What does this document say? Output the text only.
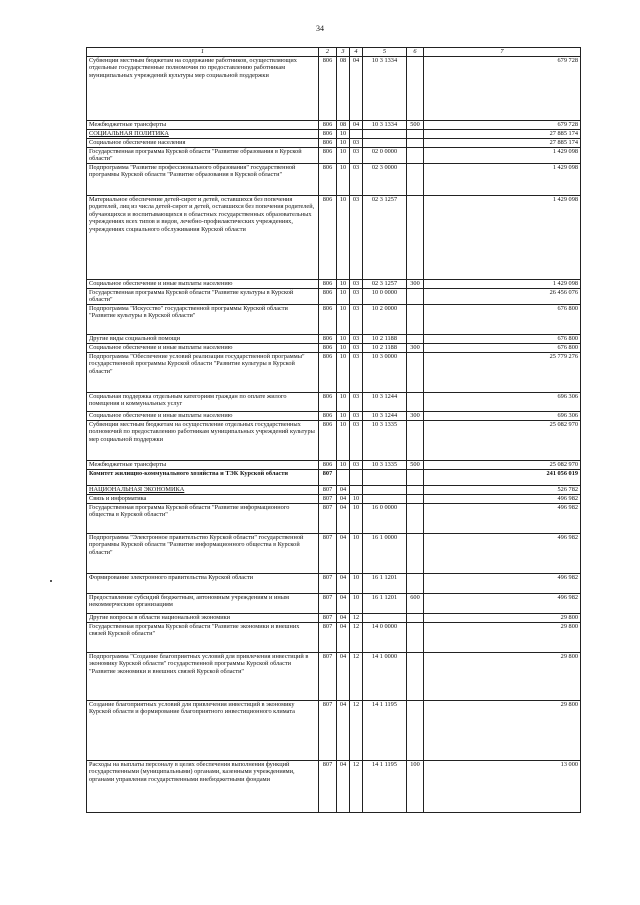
34
1	2	3	4	5	6	7
Субвенции местным бюджетам на содержание работников, осуществляющих отдельные государственные полномочия по предоставлению работникам муниципальных учреждений культуры мер социальной поддержки	806	08	04	10 3 1334		679 728
Межбюджетные трансферты	806	08	04	10 3 1334	500	679 728
СОЦИАЛЬНАЯ ПОЛИТИКА	806	10				27 885 174
Социальное обеспечение населения	806	10	03			27 885 174
Государственная программа Курской области "Развитие образования в Курской области"	806	10	03	02 0 0000		1 429 098
Подпрограмма "Развитие профессионального образования" государственной программы Курской области "Развитие образования в Курской области"	806	10	03	02 3 0000		1 429 098
Материальное обеспечение детей-сирот и детей, оставшихся без попечения родителей, лиц из числа детей-сирот и детей, оставшихся без попечения родителей, обучающихся и воспитывающихся в областных государственных образовательных учреждениях всех типов и видов, лечебно-профилактических учреждениях, учреждениях социального обслуживания Курской области	806	10	03	02 3 1257		1 429 098
Социальное обеспечение и иные выплаты населению	806	10	03	02 3 1257	300	1 429 098
Государственная программа Курской области "Развитие культуры в Курской области"	806	10	03	10 0 0000		26 456 076
Подпрограмма "Искусство" государственной программы Курской области "Развитие культуры в Курской области"	806	10	03	10 2 0000		676 800
Другие виды социальной помощи	806	10	03	10 2 1188		676 800
Социальное обеспечение и иные выплаты населению	806	10	03	10 2 1188	300	676 800
Подпрограмма "Обеспечение условий реализации государственной программы" государственной программы Курской области "Развитие культуры в Курской области"	806	10	03	10 3 0000		25 779 276
Социальная поддержка отдельным категориям граждан по оплате жилого помещения и коммунальных услуг	806	10	03	10 3 1244		696 306
Социальное обеспечение и иные выплаты населению	806	10	03	10 3 1244	300	696 306
Субвенции местным бюджетам на осуществление отдельных государственных полномочий по предоставлению работникам муниципальных учреждений культуры мер социальной поддержки	806	10	03	10 3 1335		25 082 970
Межбюджетные трансферты	806	10	03	10 3 1335	500	25 082 970
Комитет жилищно-коммунального хозяйства и ТЭК Курской области	807					241 056 019
НАЦИОНАЛЬНАЯ ЭКОНОМИКА	807	04				526 782
Связь и информатика	807	04	10			496 982
Государственная программа Курской области "Развитие информационного общества в Курской области"	807	04	10	16 0 0000		496 982
Подпрограмма "Электронное правительство Курской области" государственной программы Курской области "Развитие информационного общества в Курской области"	807	04	10	16 1 0000		496 982
Формирование электронного правительства Курской области	807	04	10	16 1 1201		496 982
Предоставление субсидий бюджетным, автономным учреждениям и иным некоммерческим организациям	807	04	10	16 1 1201	600	496 982
Другие вопросы в области национальной экономики	807	04	12			29 800
Государственная программа Курской области "Развитие экономики и внешних связей Курской области"	807	04	12	14 0 0000		29 800
Подпрограмма "Создание благоприятных условий для привлечения инвестиций в экономику Курской области" государственной программы Курской области "Развитие экономики и внешних связей Курской области"	807	04	12	14 1 0000		29 800
Создание благоприятных условий для привлечения инвестиций в экономику Курской области и формирование благоприятного инвестиционного климата	807	04	12	14 1 1195		29 800
Расходы на выплаты персоналу в целях обеспечения выполнения функций государственными (муниципальными) органами, казенными учреждениями, органами управления государственными внебюджетными фондами	807	04	12	14 1 1195	100	13 000
